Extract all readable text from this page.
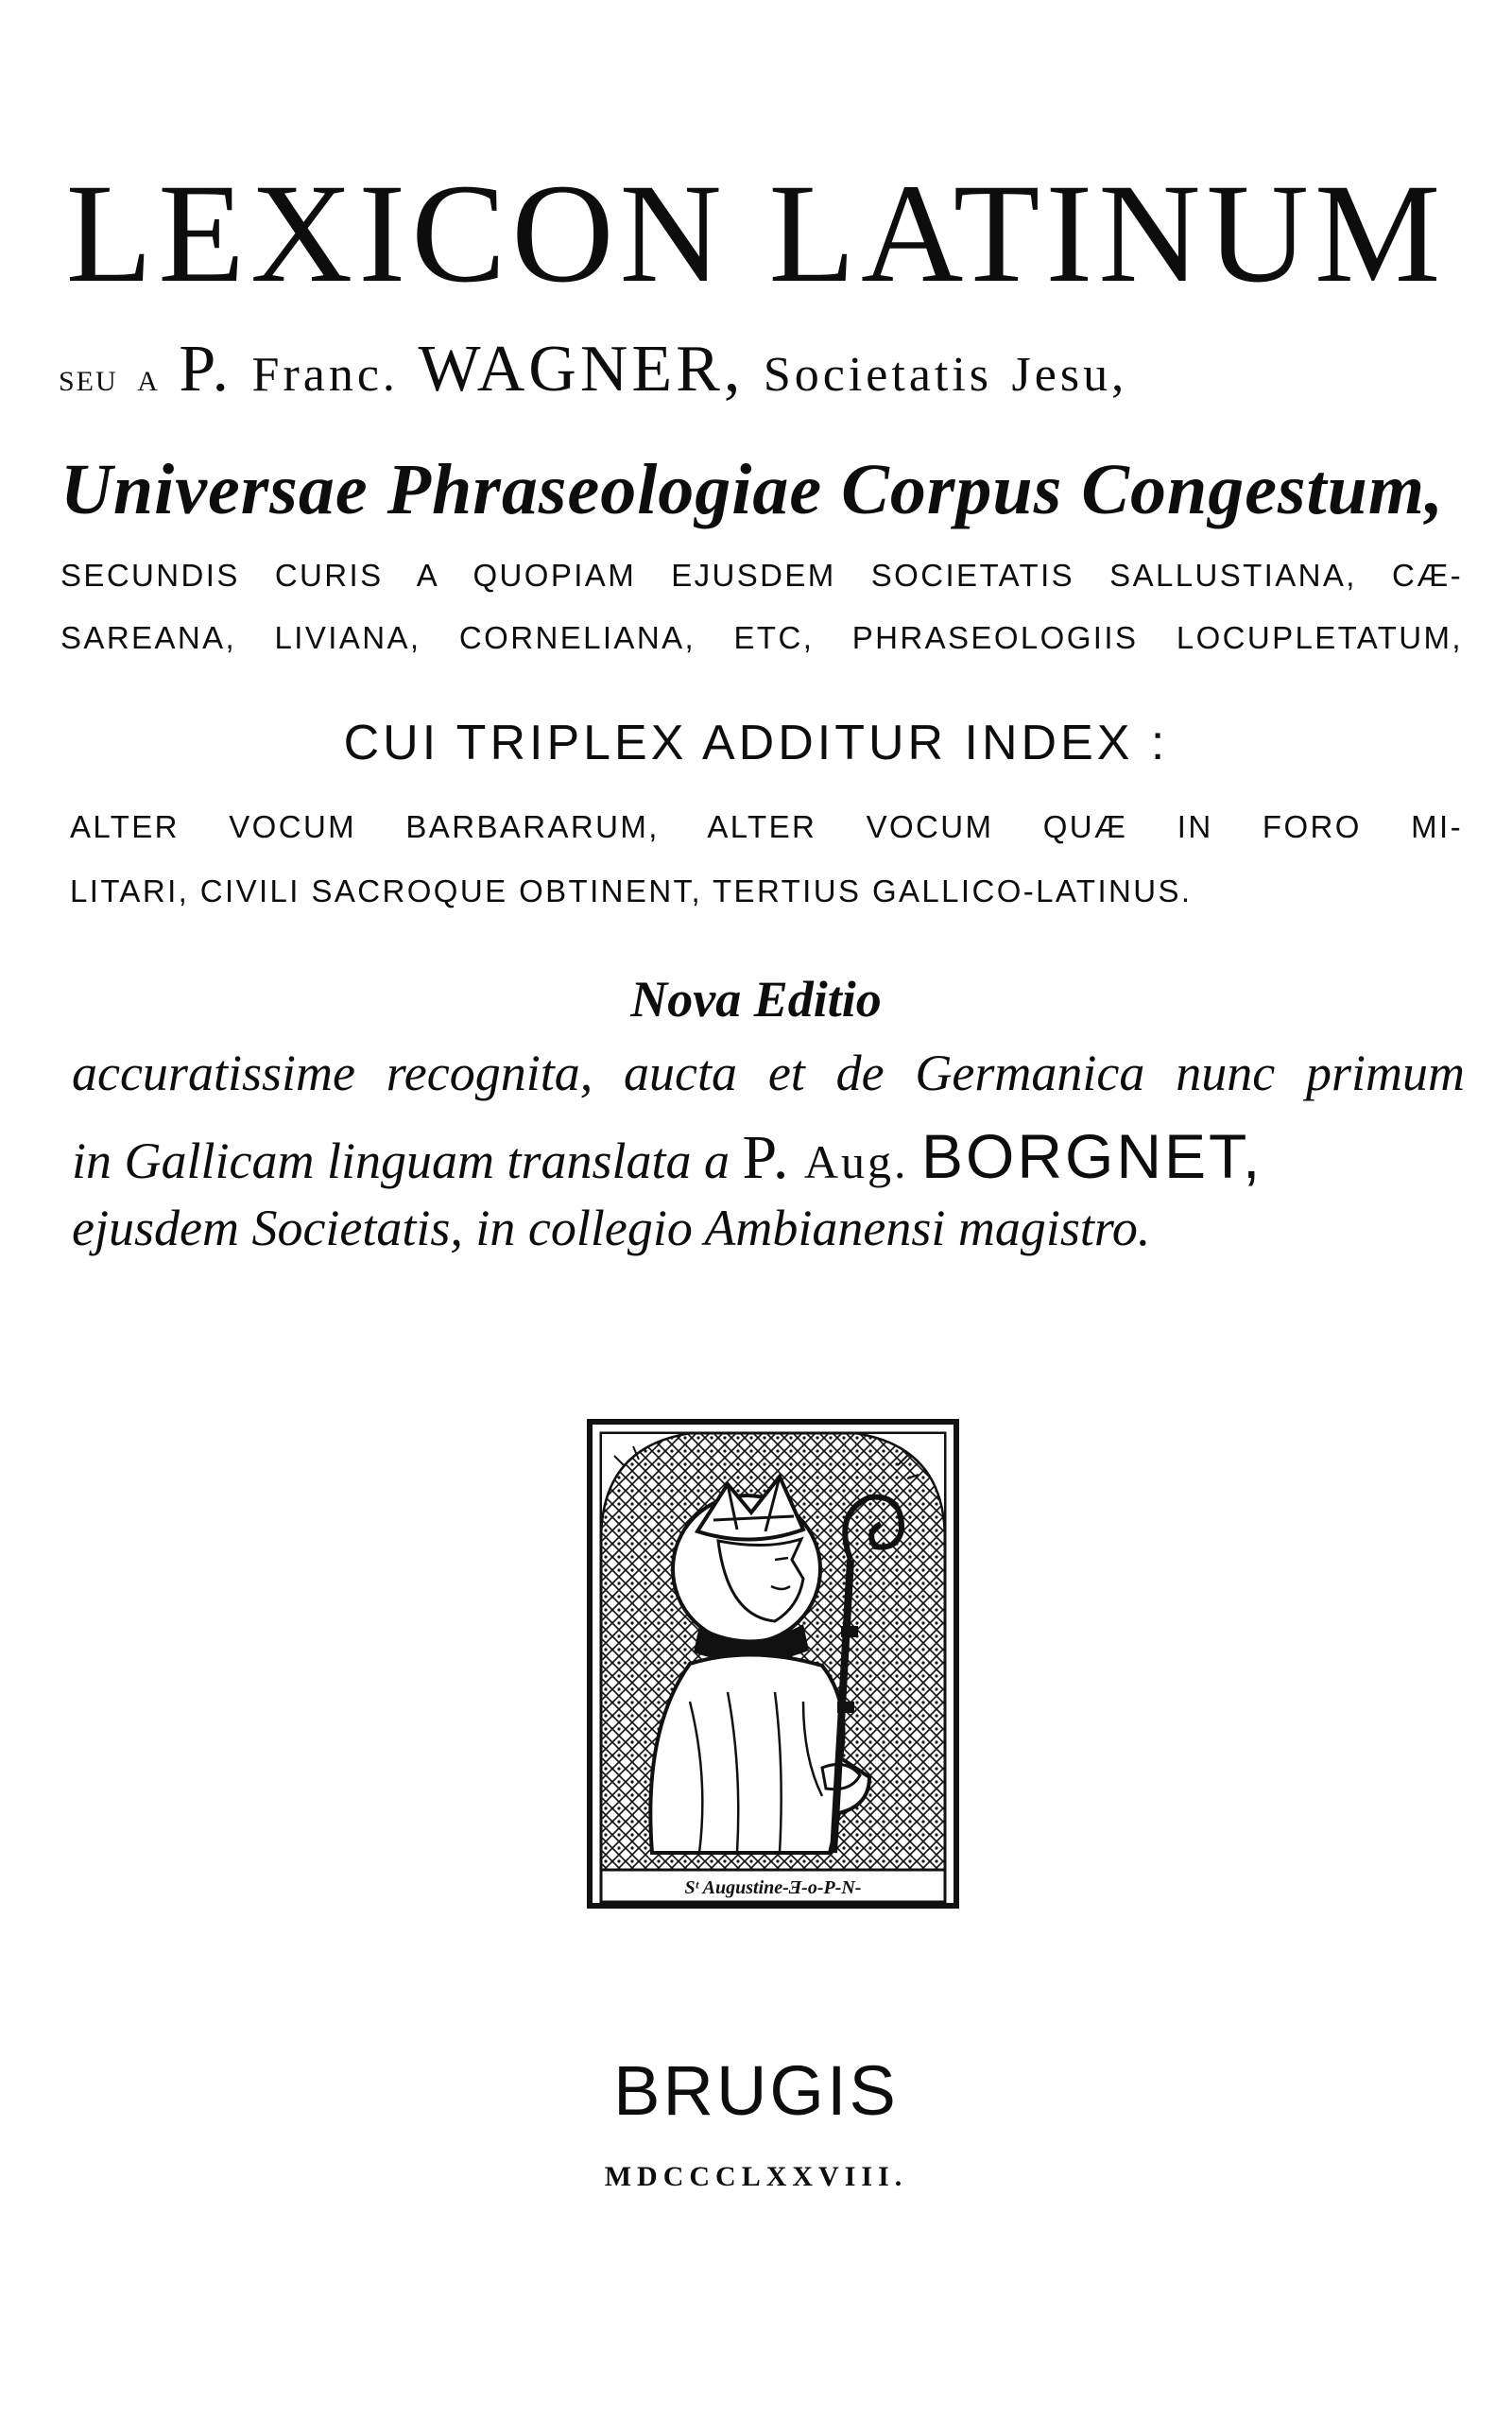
LEXICON LATINUM
SEU A P. Franc. WAGNER, Societatis Jesu,
Universae Phraseologiae Corpus Congestum,
SECUNDIS CURIS A QUOPIAM EJUSDEM SOCIETATIS SALLUSTIANA, CÆ-
SAREANA, LIVIANA, CORNELIANA, ETC, PHRASEOLOGIIS LOCUPLETATUM,
CUI TRIPLEX ADDITUR INDEX :
ALTER VOCUM BARBARARUM, ALTER VOCUM QUÆ IN FORO MI-
LITARI, CIVILI SACROQUE OBTINENT, TERTIUS GALLICO-LATINUS.
Nova Editio
accuratissime recognita, aucta et de Germanica nunc primum
in Gallicam linguam translata a P. Aug. BORGNET,
ejusdem Societatis, in collegio Ambianensi magistro.
Sᵗ Augustine-Ǝ-o-P-N-
BRUGIS
MDCCCLXXVIII.
